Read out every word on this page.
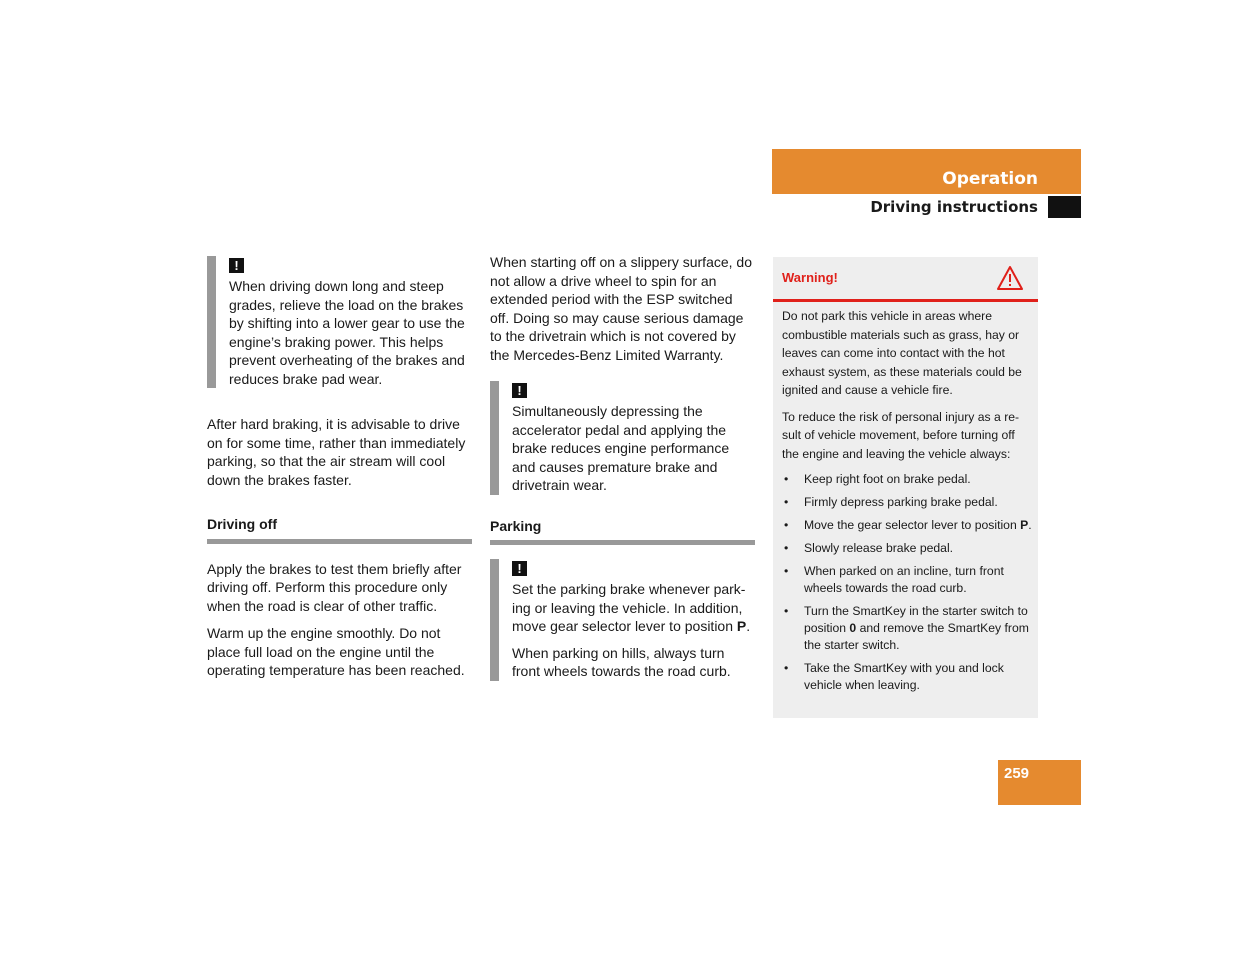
Operation
Driving instructions
!

When driving down long and steep grades, relieve the load on the brakes by shifting into a lower gear to use the engine’s braking power. This helps prevent overheating of the brakes and reduces brake pad wear.

After hard braking, it is advisable to drive on for some time, rather than immediately parking, so that the air stream will cool down the brakes faster.

Driving off

Apply the brakes to test them briefly after driving off. Perform this procedure only when the road is clear of other traffic.

Warm up the engine smoothly. Do not place full load on the engine until the operating temperature has been reached.

When starting off on a slippery surface, do not allow a drive wheel to spin for an extended period with the ESP switched off. Doing so may cause serious damage to the drivetrain which is not covered by the Mercedes-Benz Limited Warranty.

!

Simultaneously depressing the accelerator pedal and applying the brake reduces engine performance and causes premature brake and drivetrain wear.

Parking
!

Set the parking brake whenever park-ing or leaving the vehicle. In addition, move gear selector lever to position P.

When parking on hills, always turn front wheels towards the road curb.

Warning!

Do not park this vehicle in areas where combustible materials such as grass, hay or leaves can come into contact with the hot exhaust system, as these materials could be ignited and cause a vehicle fire.

To reduce the risk of personal injury as a re-sult of vehicle movement, before turning off the engine and leaving the vehicle always:

• Keep right foot on brake pedal.
• Firmly depress parking brake pedal.
• Move the gear selector lever to position P.
• Slowly release brake pedal.
• When parked on an incline, turn front wheels towards the road curb.
• Turn the SmartKey in the starter switch to position 0 and remove the SmartKey from the starter switch.
• Take the SmartKey with you and lock vehicle when leaving.
259
